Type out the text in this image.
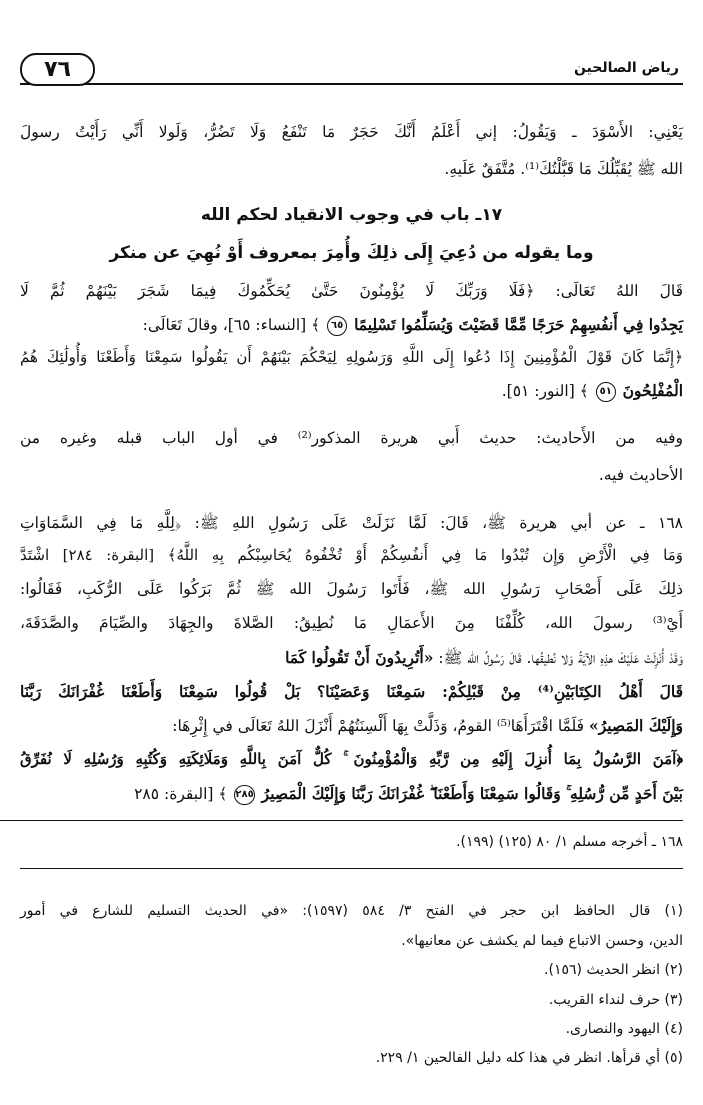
٧٦	رياض الصالحين
يَعْنِي: الأَسْوَدَ ـ وَيَقُولُ: إني أَعْلَمُ أَنَّكَ حَجَرٌ مَا تَنْفَعُ وَلَا تَضُرُّ، وَلَولا أَنِّي رَأَيْتُ رسولَ
الله ﷺ يُقَبِّلُكَ مَا قَبَّلْتُكَ⁽¹⁾. مُتَّفَقٌ عَلَيهِ.
١٧ـ باب في وجوب الانقياد لحكم الله
وما يقوله من دُعِيَ إِلَى ذلِكَ وأُمِرَ بمعروف أَوْ نُهِيَ عن منكر
قَالَ اللهُ تَعَالَى: ﴿فَلَا وَرَبِّكَ لَا يُؤْمِنُونَ حَتَّىٰ يُحَكِّمُوكَ فِيمَا شَجَرَ بَيْنَهُمْ ثُمَّ لَا
يَجِدُوا فِي أَنفُسِهِمْ حَرَجًا مِّمَّا قَضَيْتَ وَيُسَلِّمُوا تَسْلِيمًا ٦٥ ﴾ [النساء: ٦٥]، وقالَ تَعَالَى:
﴿إِنَّمَا كَانَ قَوْلَ الْمُؤْمِنِينَ إِذَا دُعُوا إِلَى اللَّهِ وَرَسُولِهِ لِيَحْكُمَ بَيْنَهُمْ أَن يَقُولُوا سَمِعْنَا وَأَطَعْنَا وَأُولَٰئِكَ هُمُ
الْمُفْلِحُونَ ٥١ ﴾ [النور: ٥١].
وفيه من الأَحاديث: حديث أَبي هريرة المذكور⁽²⁾ في أول الباب قبله وغيره من
الأحاديث فيه.
١٦٨ ـ عن أبي هريرة ﷺ، قَالَ: لَمَّا نَزَلَتْ عَلَى رَسُولِ اللهِ ﷺ: ﴿لِلَّهِ مَا فِي السَّمَاوَاتِ
وَمَا فِي الْأَرْضِ وَإِن تُبْدُوا مَا فِي أَنفُسِكُمْ أَوْ تُخْفُوهُ يُحَاسِبْكُم بِهِ اللَّهُ﴾ [البقرة: ٢٨٤] اشْتَدَّ
ذلِكَ عَلَى أَصْحَابِ رَسُولِ الله ﷺ، فَأَتَوا رَسُولَ الله ﷺ ثُمَّ بَرَكُوا عَلَى الرُّكَبِ، فَقَالُوا:
أَيْ⁽³⁾ رسولَ الله، كُلِّفْنَا مِنَ الأَعمَالِ مَا نُطِيقُ: الصَّلاةَ والجِهَادَ والصِّيَامَ والصَّدَقَةَ،
وَقَدْ أُنْزِلَتْ عَلَيْكَ هذِهِ الآيَةُ وَلا نُطيقُها. قَالَ رَسُولُ الله ﷺ: «أَتُرِيدُونَ أَنْ تَقُولُوا كَمَا
قَالَ أَهْلُ الكِتَابَيْنِ⁽⁴⁾ مِنْ قَبْلِكُمْ: سَمِعْنَا وَعَصَيْنَا؟ بَلْ قُولُوا سَمِعْنَا وَأَطَعْنَا غُفْرَانَكَ رَبَّنَا
وَإِلَيْكَ المَصِيرُ» فَلَمَّا اقْتَرَأَهَا⁽⁵⁾ القومُ، وَذَلَّتْ بِهَا أَلْسِنَتُهُمْ أَنْزَلَ اللهُ تَعَالَى في إِثْرِهَا:
﴿آمَنَ الرَّسُولُ بِمَا أُنزِلَ إِلَيْهِ مِن رَّبِّهِ وَالْمُؤْمِنُونَ ۚ كُلٌّ آمَنَ بِاللَّهِ وَمَلَائِكَتِهِ وَكُتُبِهِ وَرُسُلِهِ لَا نُفَرِّقُ
بَيْنَ أَحَدٍ مِّن رُّسُلِهِ ۚ وَقَالُوا سَمِعْنَا وَأَطَعْنَا ۖ غُفْرَانَكَ رَبَّنَا وَإِلَيْكَ الْمَصِيرُ ٢٨٥ ﴾ [البقرة: ٢٨٥
١٦٨ ـ أخرجه مسلم ١/ ٨٠ (١٢٥) (١٩٩).
(١) قال الحافظ ابن حجر في الفتح ٣/ ٥٨٤ (١٥٩٧): «في الحديث التسليم للشارع في أمور
الدين، وحسن الاتباع فيما لم يكشف عن معانيها».
(٢) انظر الحديث (١٥٦).
(٣) حرف لنداء القريب.
(٤) اليهود والنصارى.
(٥) أي قرأها. انظر في هذا كله دليل الفالحين ١/ ٢٢٩.
